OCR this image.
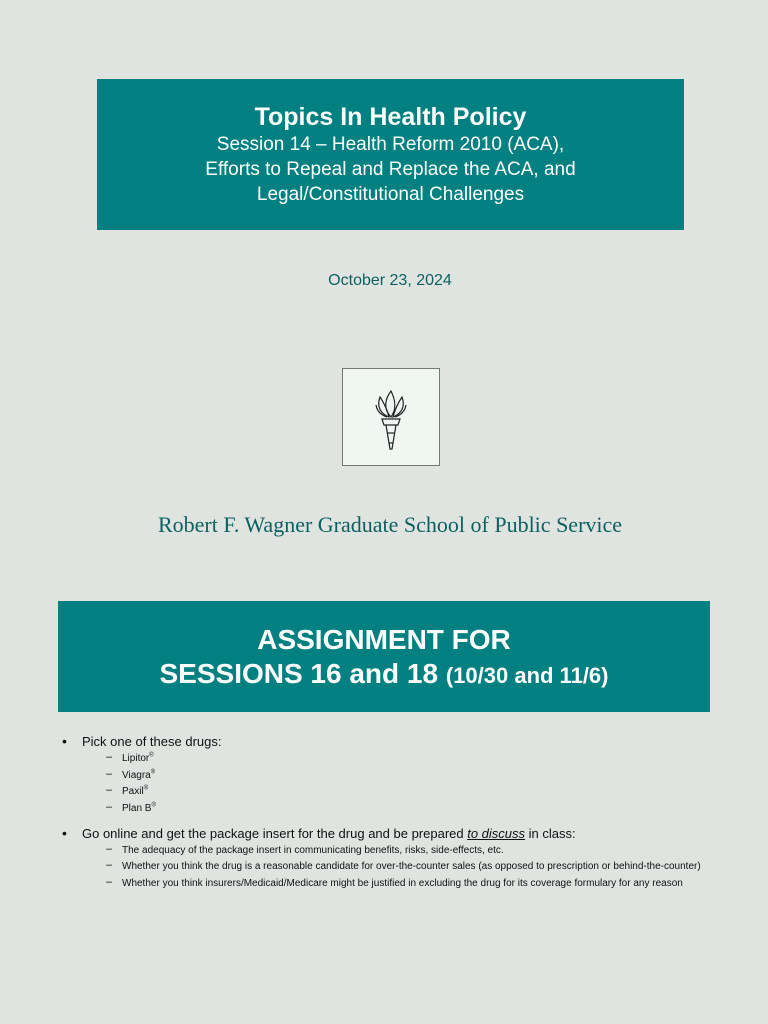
Topics In Health Policy
Session 14 – Health Reform 2010 (ACA),
Efforts to Repeal and Replace the ACA, and
Legal/Constitutional Challenges
October 23, 2024
Robert F. Wagner Graduate School of Public Service
ASSIGNMENT FOR
SESSIONS 16 and 18 (10/30 and 11/6)
• Pick one of these drugs:
– Lipitor®
– Viagra®
– Paxil®
– Plan B®
• Go online and get the package insert for the drug and be prepared to discuss in class:
– The adequacy of the package insert in communicating benefits, risks, side-effects, etc.
– Whether you think the drug is a reasonable candidate for over-the-counter sales (as opposed to prescription or behind-the-counter)
– Whether you think insurers/Medicaid/Medicare might be justified in excluding the drug for its coverage formulary for any reason
